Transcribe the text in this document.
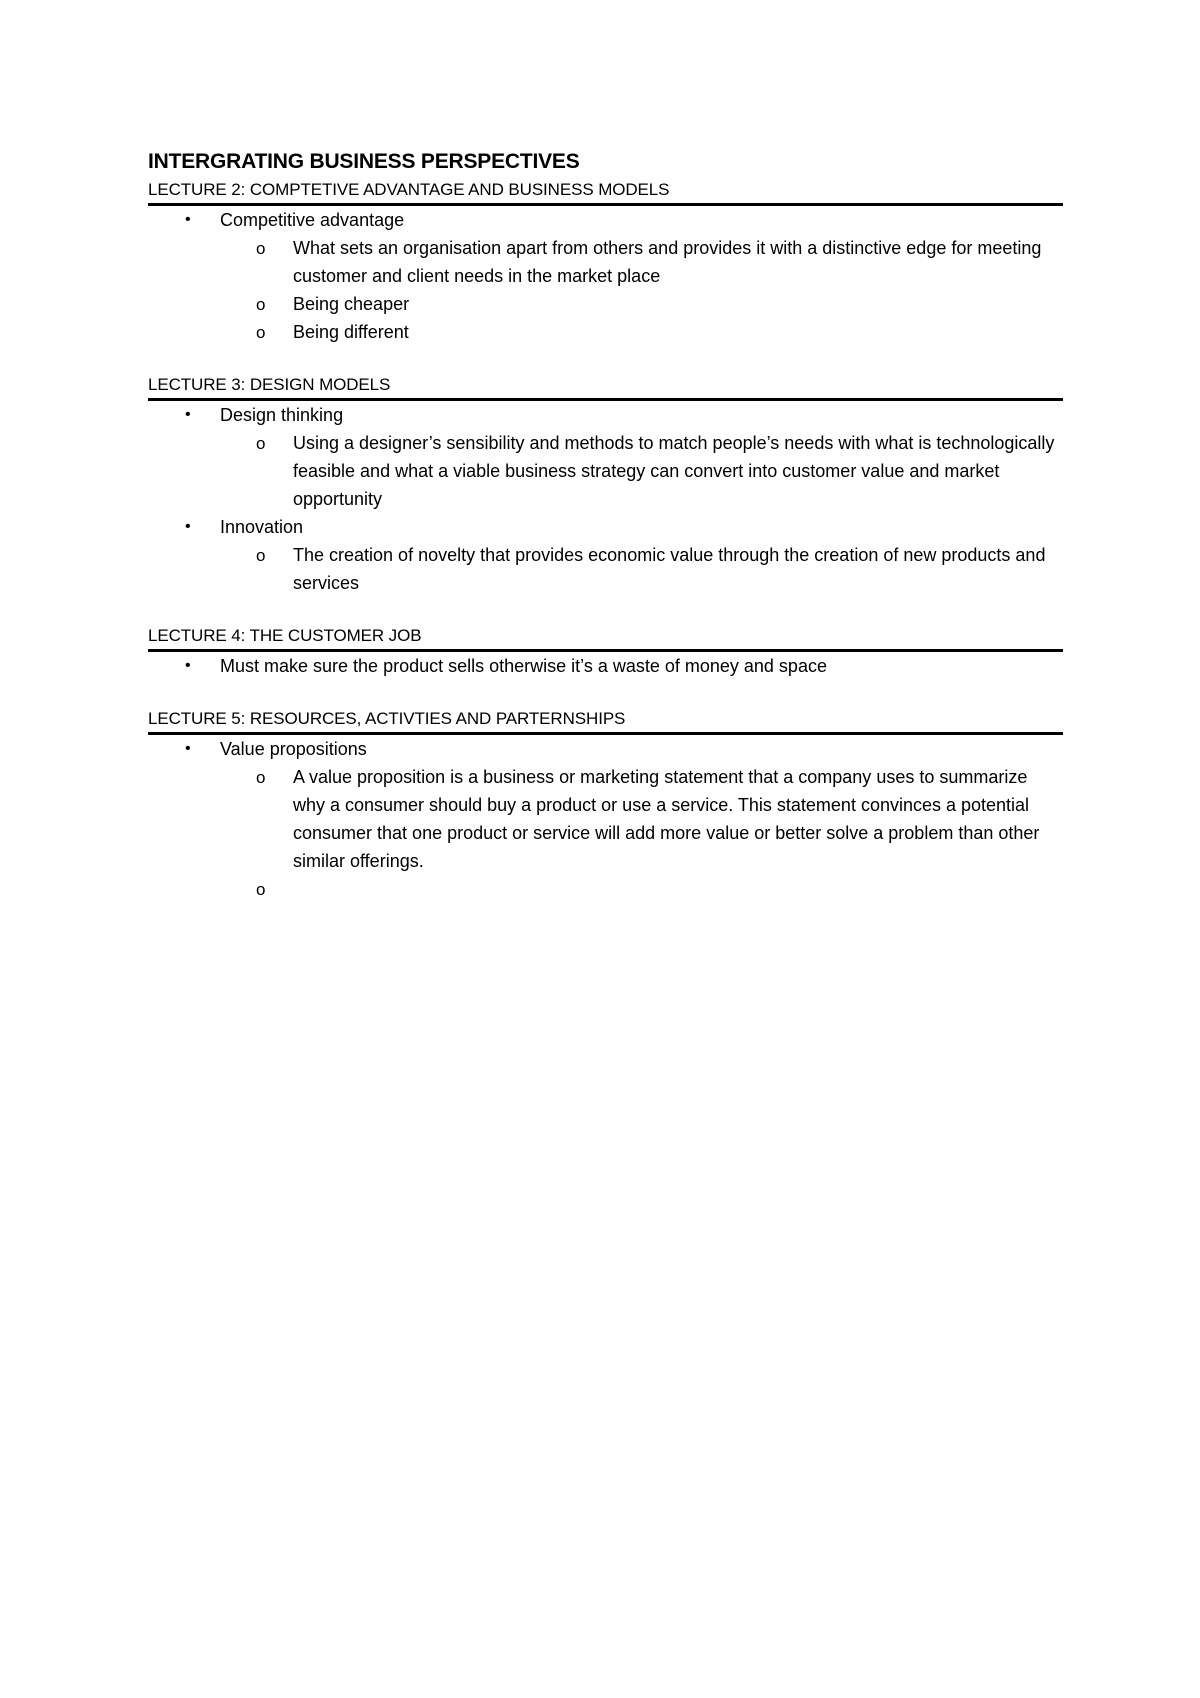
INTERGRATING BUSINESS PERSPECTIVES
LECTURE 2: COMPTETIVE ADVANTAGE AND BUSINESS MODELS
• Competitive advantage
o What sets an organisation apart from others and provides it with a distinctive edge for meeting customer and client needs in the market place
o Being cheaper
o Being different
LECTURE 3: DESIGN MODELS
• Design thinking
o Using a designer’s sensibility and methods to match people’s needs with what is technologically feasible and what a viable business strategy can convert into customer value and market opportunity
• Innovation
o The creation of novelty that provides economic value through the creation of new products and services
LECTURE 4: THE CUSTOMER JOB
• Must make sure the product sells otherwise it’s a waste of money and space
LECTURE 5: RESOURCES, ACTIVTIES AND PARTERNSHIPS
• Value propositions
o A value proposition is a business or marketing statement that a company uses to summarize why a consumer should buy a product or use a service. This statement convinces a potential consumer that one product or service will add more value or better solve a problem than other similar offerings.
o
